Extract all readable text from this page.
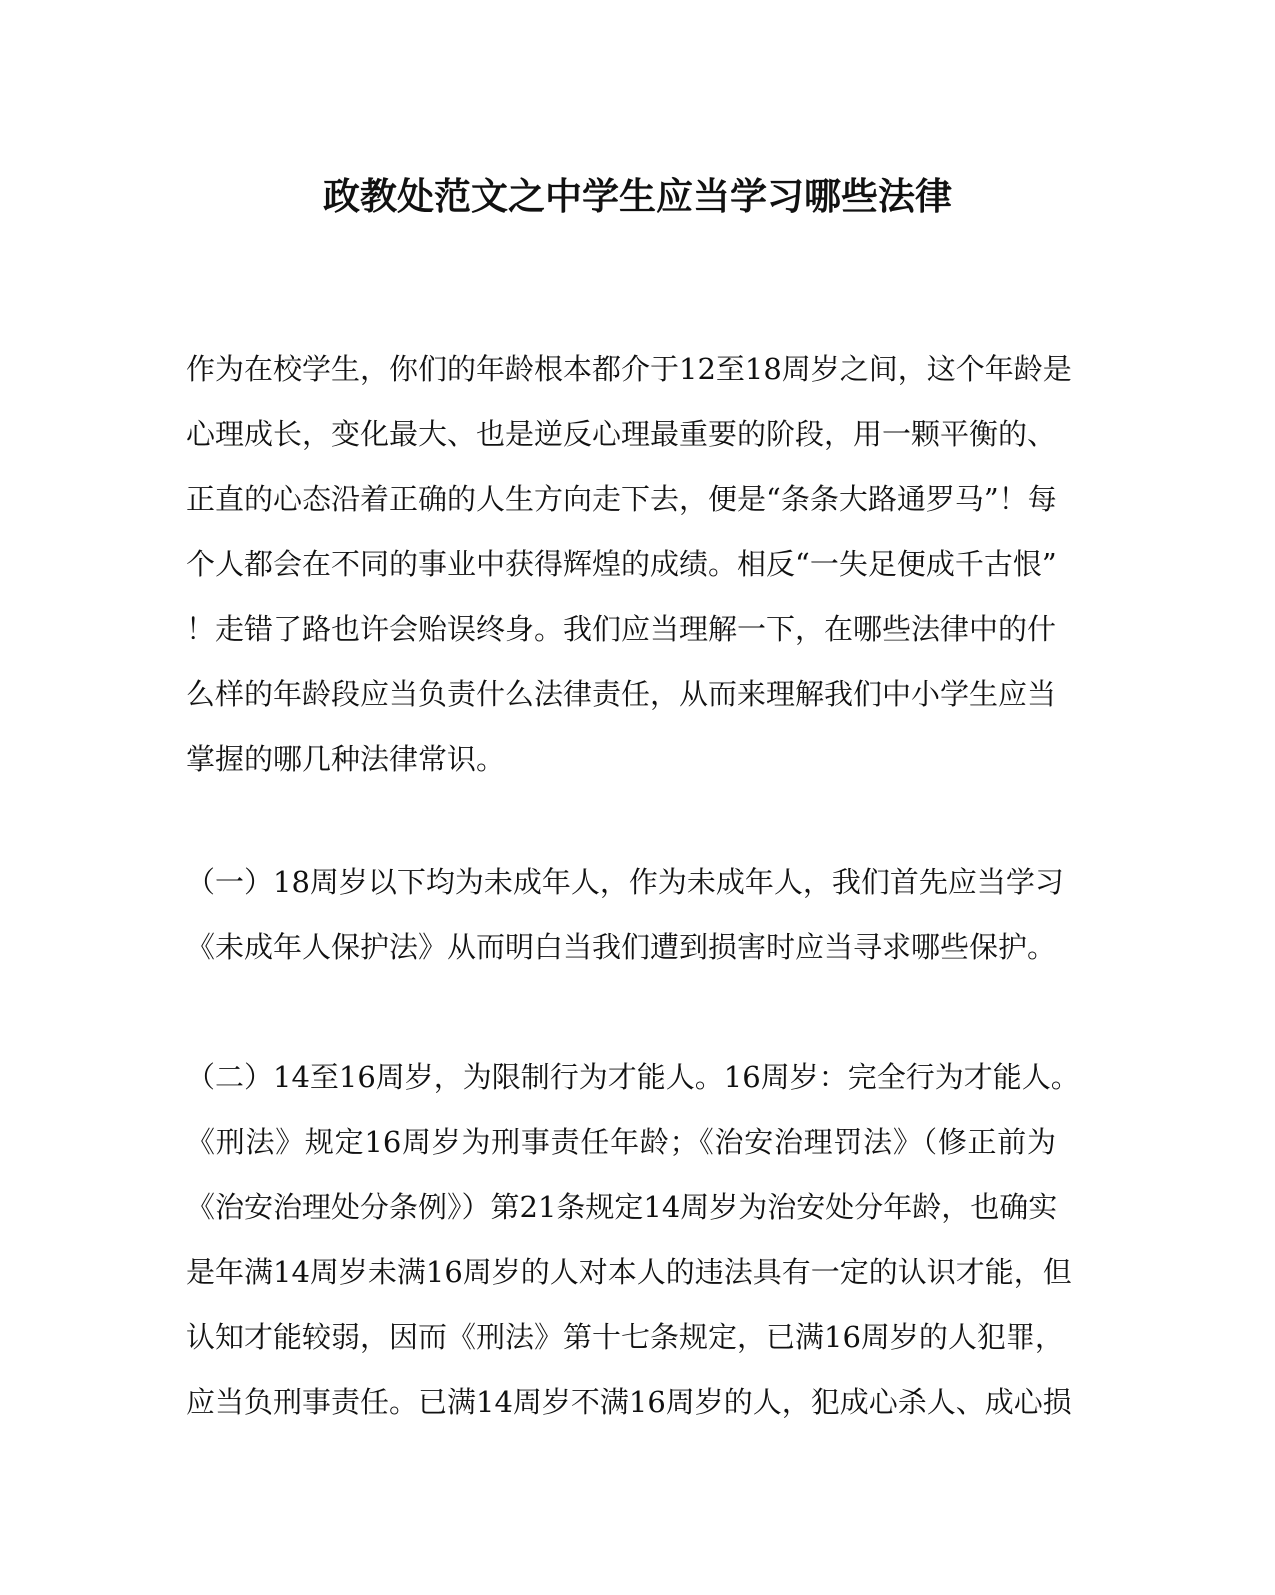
政教处范文之中学生应当学习哪些法律
作为在校学生，你们的年龄根本都介于12至18周岁之间，这个年龄是
心理成长，变化最大、也是逆反心理最重要的阶段，用一颗平衡的、
正直的心态沿着正确的人生方向走下去，便是“条条大路通罗马”！每
个人都会在不同的事业中获得辉煌的成绩。相反“一失足便成千古恨”
！走错了路也许会贻误终身。我们应当理解一下，在哪些法律中的什
么样的年龄段应当负责什么法律责任，从而来理解我们中小学生应当
掌握的哪几种法律常识。
（一）18周岁以下均为未成年人，作为未成年人，我们首先应当学习
《未成年人保护法》从而明白当我们遭到损害时应当寻求哪些保护。
（二）14至16周岁，为限制行为才能人。16周岁：完全行为才能人。
《刑法》规定16周岁为刑事责任年龄；《治安治理罚法》（修正前为
《治安治理处分条例》）第21条规定14周岁为治安处分年龄，也确实
是年满14周岁未满16周岁的人对本人的违法具有一定的认识才能，但
认知才能较弱，因而《刑法》第十七条规定，已满16周岁的人犯罪，
应当负刑事责任。已满14周岁不满16周岁的人，犯成心杀人、成心损
